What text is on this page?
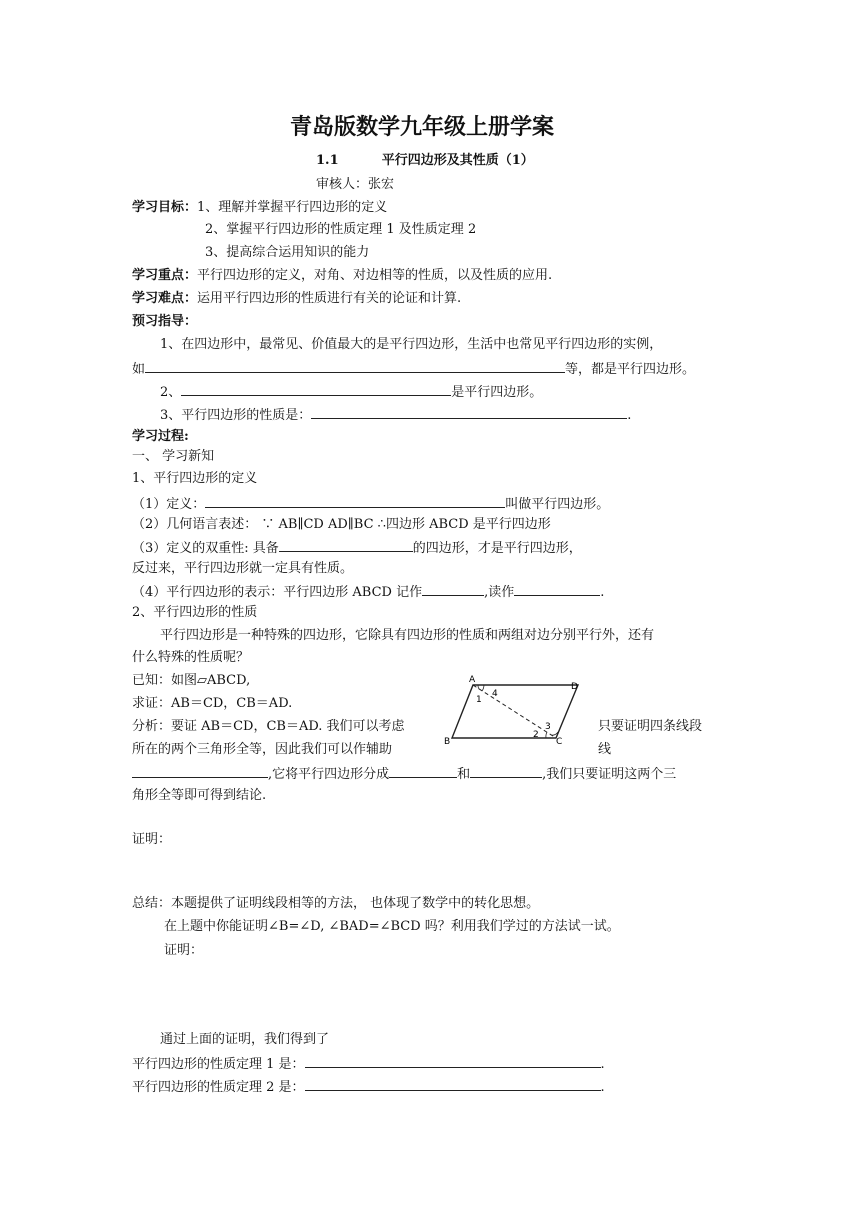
青岛版数学九年级上册学案
1.1	平行四边形及其性质（1）
审核人：张宏
学习目标：1、理解并掌握平行四边形的定义
2、掌握平行四边形的性质定理 1 及性质定理 2
3、提高综合运用知识的能力
学习重点：平行四边形的定义，对角、对边相等的性质，以及性质的应用.
学习难点：运用平行四边形的性质进行有关的论证和计算.
预习指导：
1、在四边形中，最常见、价值最大的是平行四边形，生活中也常见平行四边形的实例，
如	等，都是平行四边形。
2、	是平行四边形。
3、平行四边形的性质是：	.
学习过程:
一、 学习新知
1、平行四边形的定义
（1）定义：	叫做平行四边形。
（2）几何语言表述： ∵ AB∥CD AD∥BC ∴四边形 ABCD 是平行四边形
（3）定义的双重性: 具备	的四边形，才是平行四边形，
反过来，平行四边形就一定具有性质。
（4）平行四边形的表示：平行四边形 ABCD 记作	,读作	.
2、平行四边形的性质
平行四边形是一种特殊的四边形，它除具有四边形的性质和两组对边分别平行外，还有
什么特殊的性质呢？
已知：如图▱ABCD,
求证：AB＝CD，CB＝AD.
分析：要证 AB＝CD，CB＝AD. 我们可以考虑	只要证明四条线段
所在的两个三角形全等，因此我们可以作辅助	线
,它将平行四边形分成	和	,我们只要证明这两个三
角形全等即可得到结论.
A
D
B	C
1
4
2
3
证明：
总结：本题提供了证明线段相等的方法， 也体现了数学中的转化思想。
在上题中你能证明∠B=∠D, ∠BAD=∠BCD 吗？利用我们学过的方法试一试。
证明：
通过上面的证明，我们得到了
平行四边形的性质定理 1 是：	.
平行四边形的性质定理 2 是：	.
